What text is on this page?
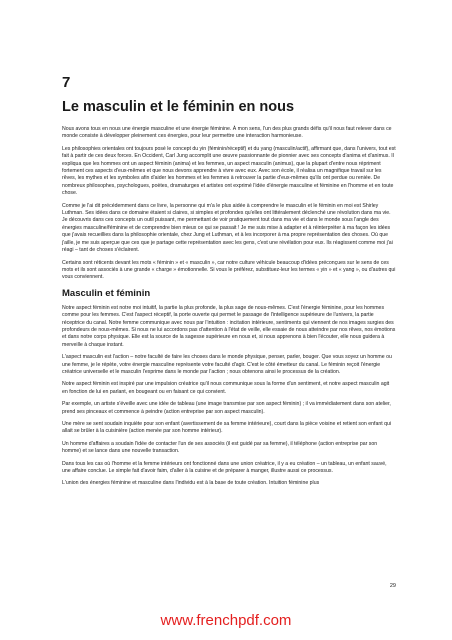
7
Le masculin et le féminin en nous

Nous avons tous en nous une énergie masculine et une énergie féminine. À mon sens, l'un des plus grands défis qu'il nous faut relever dans ce monde consiste à développer pleinement ces énergies, pour leur permettre une interaction harmonieuse.

Les philosophies orientales ont toujours posé le concept du yin (féminin/réceptif) et du yang (masculin/actif), affirmant que, dans l'univers, tout est fait à partir de ces deux forces. En Occident, Carl Jung accomplit une œuvre passionnante de pionnier avec ses concepts d'anima et d'animus. Il expliqua que les hommes ont un aspect féminin (anima) et les femmes, un aspect masculin (animus), que la plupart d'entre nous répriment fortement ces aspects d'eux-mêmes et que nous devons apprendre à vivre avec eux. Avec son école, il réalisa un magnifique travail sur les rêves, les mythes et les symboles afin d'aider les hommes et les femmes à retrouver la partie d'eux-mêmes qu'ils ont perdue ou reniée. De nombreux philosophes, psychologues, poètes, dramaturges et artistes ont exprimé l'idée d'énergie masculine et féminine en l'homme et en toute chose.

Comme je l'ai dit précédemment dans ce livre, la personne qui m'a le plus aidée à comprendre le masculin et le féminin en moi est Shirley Luthman. Ses idées dans ce domaine étaient si claires, si simples et profondes qu'elles ont littéralement déclenché une révolution dans ma vie. Je découvris dans ces concepts un outil puissant, me permettant de voir pratiquement tout dans ma vie et dans le monde sous l'angle des énergies masculine/féminine et de comprendre bien mieux ce qui se passait ! Je me suis mise à adapter et à réinterpréter à ma façon les idées que j'avais recueillies dans la philosophie orientale, chez Jung et Luthman, et à les incorporer à ma propre représentation des choses. Où que j'aille, je me suis aperçue que ces que je partage cette représentation avec les gens, c'est une révélation pour eux. Ils réagissent comme moi j'ai réagi – tant de choses s'éclairent.

Certains sont réticents devant les mots « féminin » et « masculin », car notre culture véhicule beaucoup d'idées préconçues sur le sens de ces mots et ils sont associés à une grande « charge » émotionnelle. Si vous le préférez, substituez-leur les termes « yin » et « yang », ou d'autres qui vous conviennent.

Masculin et féminin

Notre aspect féminin est notre moi intuitif, la partie la plus profonde, la plus sage de nous-mêmes. C'est l'énergie féminine, pour les hommes comme pour les femmes. C'est l'aspect réceptif, la porte ouverte qui permet le passage de l'intelligence supérieure de l'univers, la partie réceptrice du canal. Notre femme communique avec nous par l'intuition : incitation intérieure, sentiments qui viennent de nos images surgies des profondeurs de nous-mêmes. Si nous ne lui accordons pas d'attention à l'état de veille, elle essaie de nous atteindre par nos rêves, nos émotions et dans notre corps physique. Elle est la source de la sagesse supérieure en nous et, si nous apprenons à bien l'écouter, elle nous guidera à merveille à chaque instant.

L'aspect masculin est l'action – notre faculté de faire les choses dans le monde physique, penser, parler, bouger. Que vous soyez un homme ou une femme, je le répète, votre énergie masculine représente votre faculté d'agir. C'est le côté émetteur du canal. Le féminin reçoit l'énergie créatrice universelle et le masculin l'exprime dans le monde par l'action ; nous obtenons ainsi le processus de la création.

Notre aspect féminin est inspiré par une impulsion créatrice qu'il nous communique sous la forme d'un sentiment, et notre aspect masculin agit en fonction de lui en parlant, en bougeant ou en faisant ce qui convient.

Par exemple, un artiste s'éveille avec une idée de tableau (une image transmise par son aspect féminin) ; il va immédiatement dans son atelier, prend ses pinceaux et commence à peindre (action entreprise par son aspect masculin).

Une mère se sent soudain inquiète pour son enfant (avertissement de sa femme intérieure), court dans la pièce voisine et retient son enfant qui allait se brûler à la cuisinière (action menée par son homme intérieur).

Un homme d'affaires a soudain l'idée de contacter l'un de ses associés (il est guidé par sa femme), il téléphone (action entreprise par son homme) et se lance dans une nouvelle transaction.

Dans tous les cas où l'homme et la femme intérieurs ont fonctionné dans une union créatrice, il y a eu création – un tableau, un enfant sauvé, une affaire conclue. Le simple fait d'avoir faim, d'aller à la cuisine et de préparer à manger, illustre aussi ce processus.

L'union des énergies féminine et masculine dans l'individu est à la base de toute création. Intuition féminine plus

29
www.frenchpdf.com
